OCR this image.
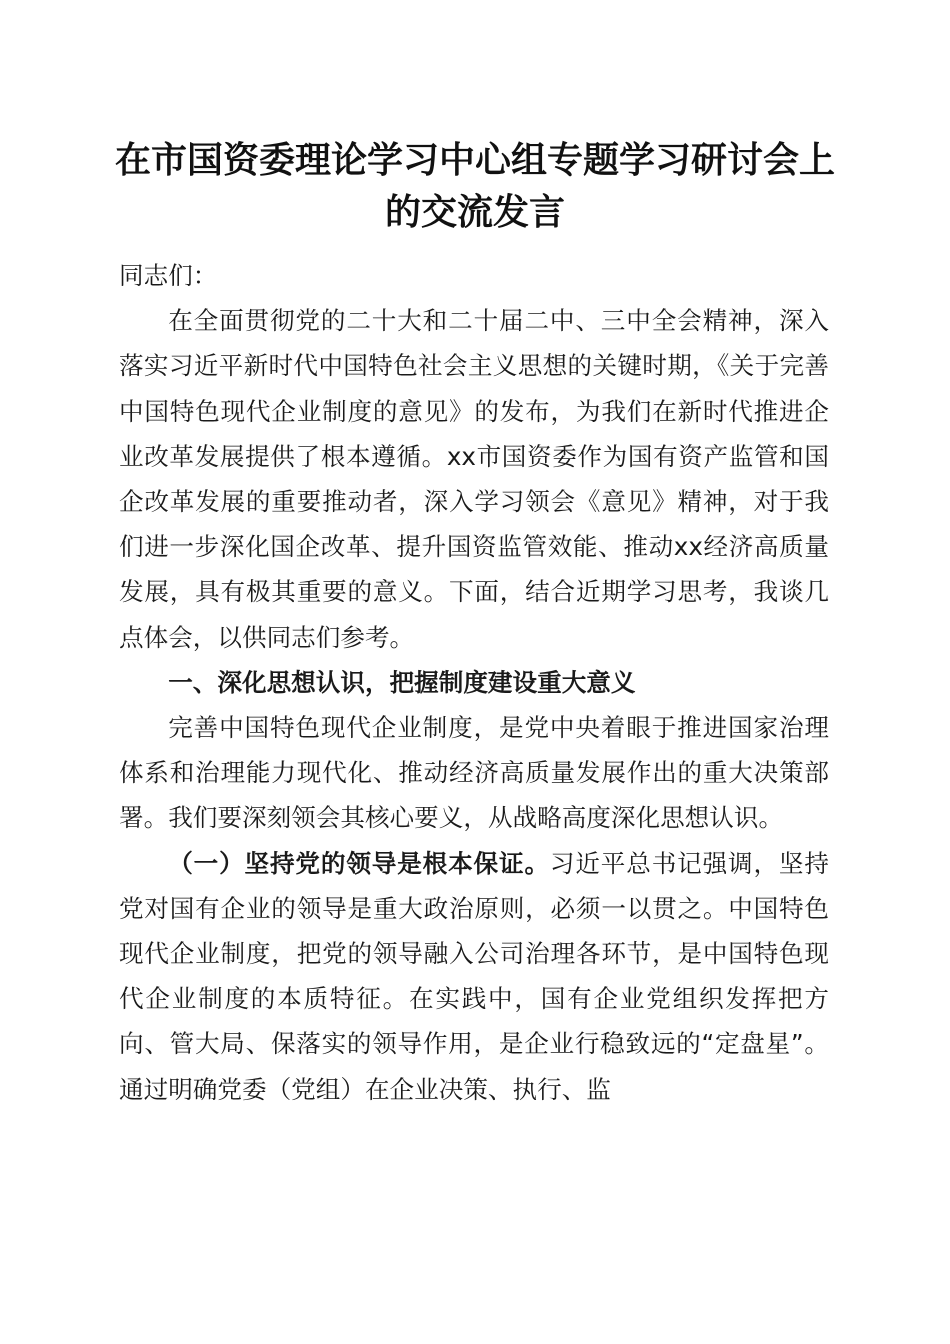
在市国资委理论学习中心组专题学习研讨会上
的交流发言

同志们：

在全面贯彻党的二十大和二十届二中、三中全会精神，深入落实习近平新时代中国特色社会主义思想的关键时期，《关于完善中国特色现代企业制度的意见》的发布，为我们在新时代推进企业改革发展提供了根本遵循。xx市国资委作为国有资产监管和国企改革发展的重要推动者，深入学习领会《意见》精神，对于我们进一步深化国企改革、提升国资监管效能、推动xx经济高质量发展，具有极其重要的意义。下面，结合近期学习思考，我谈几点体会，以供同志们参考。

一、深化思想认识，把握制度建设重大意义

完善中国特色现代企业制度，是党中央着眼于推进国家治理体系和治理能力现代化、推动经济高质量发展作出的重大决策部署。我们要深刻领会其核心要义，从战略高度深化思想认识。

（一）坚持党的领导是根本保证。习近平总书记强调，坚持党对国有企业的领导是重大政治原则，必须一以贯之。中国特色现代企业制度，把党的领导融入公司治理各环节，是中国特色现代企业制度的本质特征。在实践中，国有企业党组织发挥把方向、管大局、保落实的领导作用，是企业行稳致远的“定盘星”。通过明确党委（党组）在企业决策、执行、监
